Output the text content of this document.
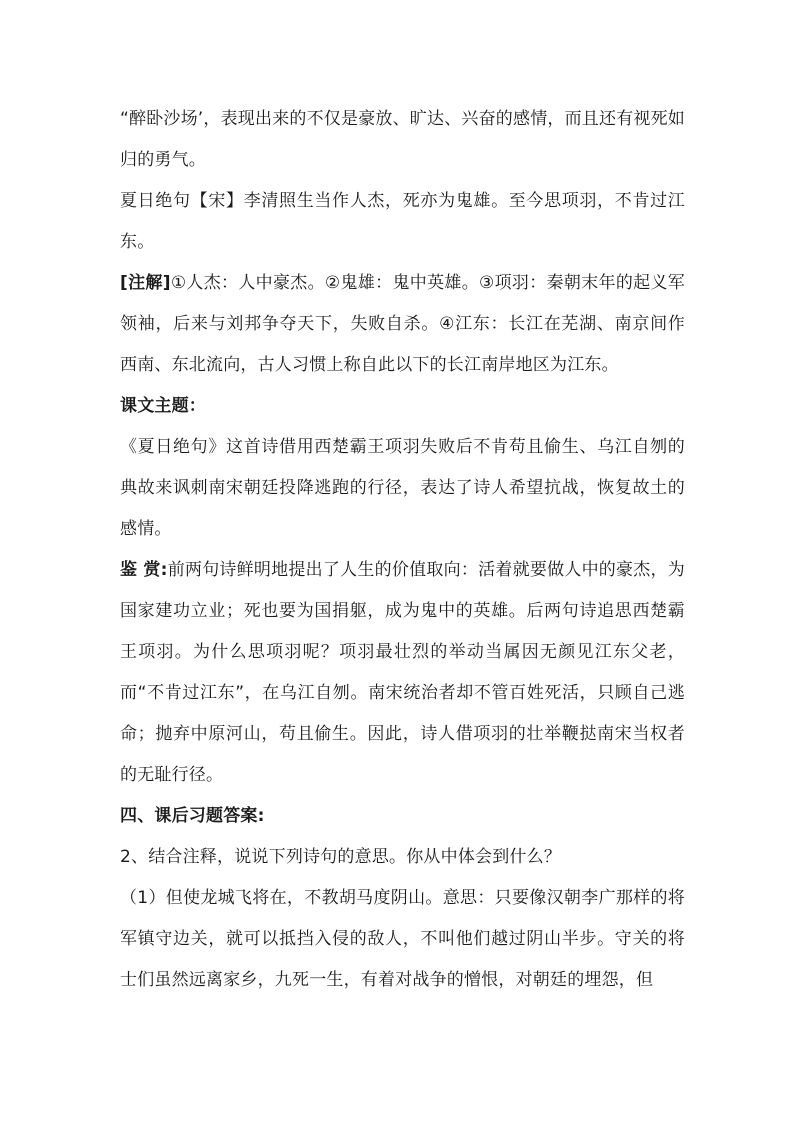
“醉卧沙场’，表现出来的不仅是豪放、旷达、兴奋的感情，而且还有视死如归的勇气。

夏日绝句【宋】李清照生当作人杰，死亦为鬼雄。至今思项羽，不肯过江东。

[注解]①人杰：人中豪杰。②鬼雄：鬼中英雄。③项羽：秦朝末年的起义军领袖，后来与刘邦争夺天下，失败自杀。④江东：长江在芜湖、南京间作西南、东北流向，古人习惯上称自此以下的长江南岸地区为江东。

课文主题：

《夏日绝句》这首诗借用西楚霸王项羽失败后不肯苟且偷生、乌江自刎的典故来讽刺南宋朝廷投降逃跑的行径，表达了诗人希望抗战，恢复故土的感情。

鉴 赏:前两句诗鲜明地提出了人生的价值取向：活着就要做人中的豪杰，为国家建功立业；死也要为国捐躯，成为鬼中的英雄。后两句诗追思西楚霸王项羽。为什么思项羽呢？项羽最壮烈的举动当属因无颜见江东父老，而“不肯过江东”，在乌江自刎。南宋统治者却不管百姓死活，只顾自己逃命；抛弃中原河山，苟且偷生。因此，诗人借项羽的壮举鞭挞南宋当权者的无耻行径。

四、课后习题答案:

2、结合注释，说说下列诗句的意思。你从中体会到什么？

（1）但使龙城飞将在，不教胡马度阴山。意思：只要像汉朝李广那样的将军镇守边关，就可以抵挡入侵的敌人，不叫他们越过阴山半步。守关的将士们虽然远离家乡，九死一生，有着对战争的憎恨，对朝廷的埋怨，但
